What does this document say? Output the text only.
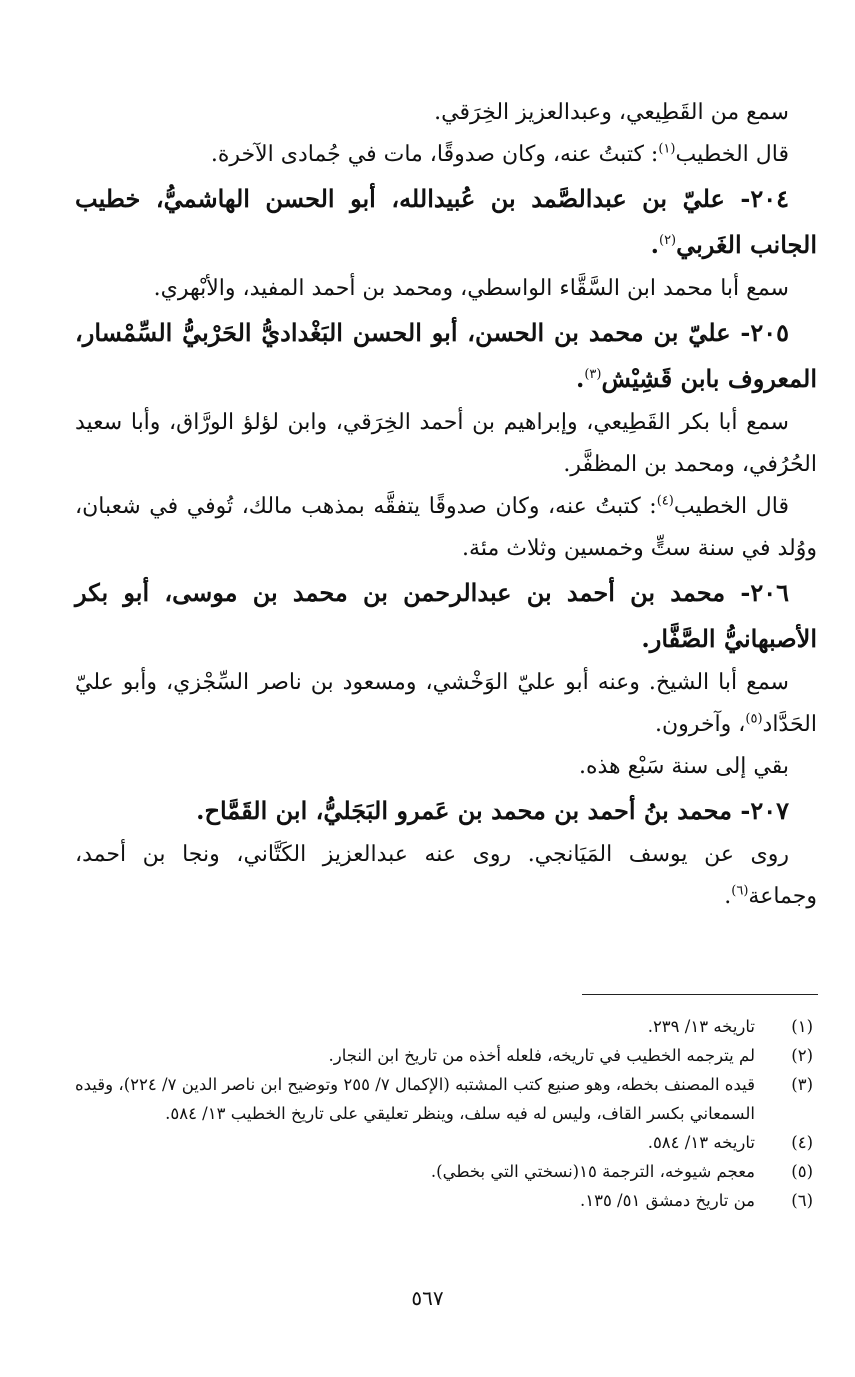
سمع من القَطِيعي، وعبدالعزيز الخِرَقي.

قال الخطيب$^{(١)}$: كتبتُ عنه، وكان صدوقًا، مات في جُمادى الآخرة.

٢٠٤- عليّ بن عبدالصَّمد بن عُبيدالله، أبو الحسن الهاشميُّ، خطيب الجانب الغَربي$^{(٢)}$.

سمع أبا محمد ابن السَّقَّاء الواسطي، ومحمد بن أحمد المفيد، والأبْهري.

٢٠٥- عليّ بن محمد بن الحسن، أبو الحسن البَغْداديُّ الحَرْبيُّ السِّمْسار، المعروف بابن قَشِيْش$^{(٣)}$.

سمع أبا بكر القَطِيعي، وإبراهيم بن أحمد الخِرَقي، وابن لؤلؤ الورَّاق، وأبا سعيد الحُرُفي، ومحمد بن المظفَّر.

قال الخطيب$^{(٤)}$: كتبتُ عنه، وكان صدوقًا يتفقَّه بمذهب مالك، تُوفي في شعبان، ووُلد في سنة ستٍّ وخمسين وثلاث مئة.

٢٠٦- محمد بن أحمد بن عبدالرحمن بن محمد بن موسى، أبو بكر الأصبهانيُّ الصَّفَّار.

سمع أبا الشيخ. وعنه أبو عليّ الوَخْشي، ومسعود بن ناصر السِّجْزي، وأبو عليّ الحَدَّاد$^{(٥)}$، وآخرون.

بقي إلى سنة سَبْع هذه.

٢٠٧- محمد بنُ أحمد بن محمد بن عَمرو البَجَليُّ، ابن القَمَّاح.

روى عن يوسف المَيَانجي. روى عنه عبدالعزيز الكَتَّاني، ونجا بن أحمد، وجماعة$^{(٦)}$.

(١)
تاريخه ١٣/ ٢٣٩.

(٢)
لم يترجمه الخطيب في تاريخه، فلعله أخذه من تاريخ ابن النجار.

(٣)
قيده المصنف بخطه، وهو صنيع كتب المشتبه (الإكمال ٧/ ٢٥٥ وتوضيح ابن ناصر الدين ٧/ ٢٢٤)، وقيده السمعاني بكسر القاف، وليس له فيه سلف، وينظر تعليقي على تاريخ الخطيب ١٣/ ٥٨٤.

(٤)
تاريخه ١٣/ ٥٨٤.

(٥)
معجم شيوخه، الترجمة ١٥(نسختي التي بخطي).

(٦)
من تاريخ دمشق ٥١/ ١٣٥.

٥٦٧
